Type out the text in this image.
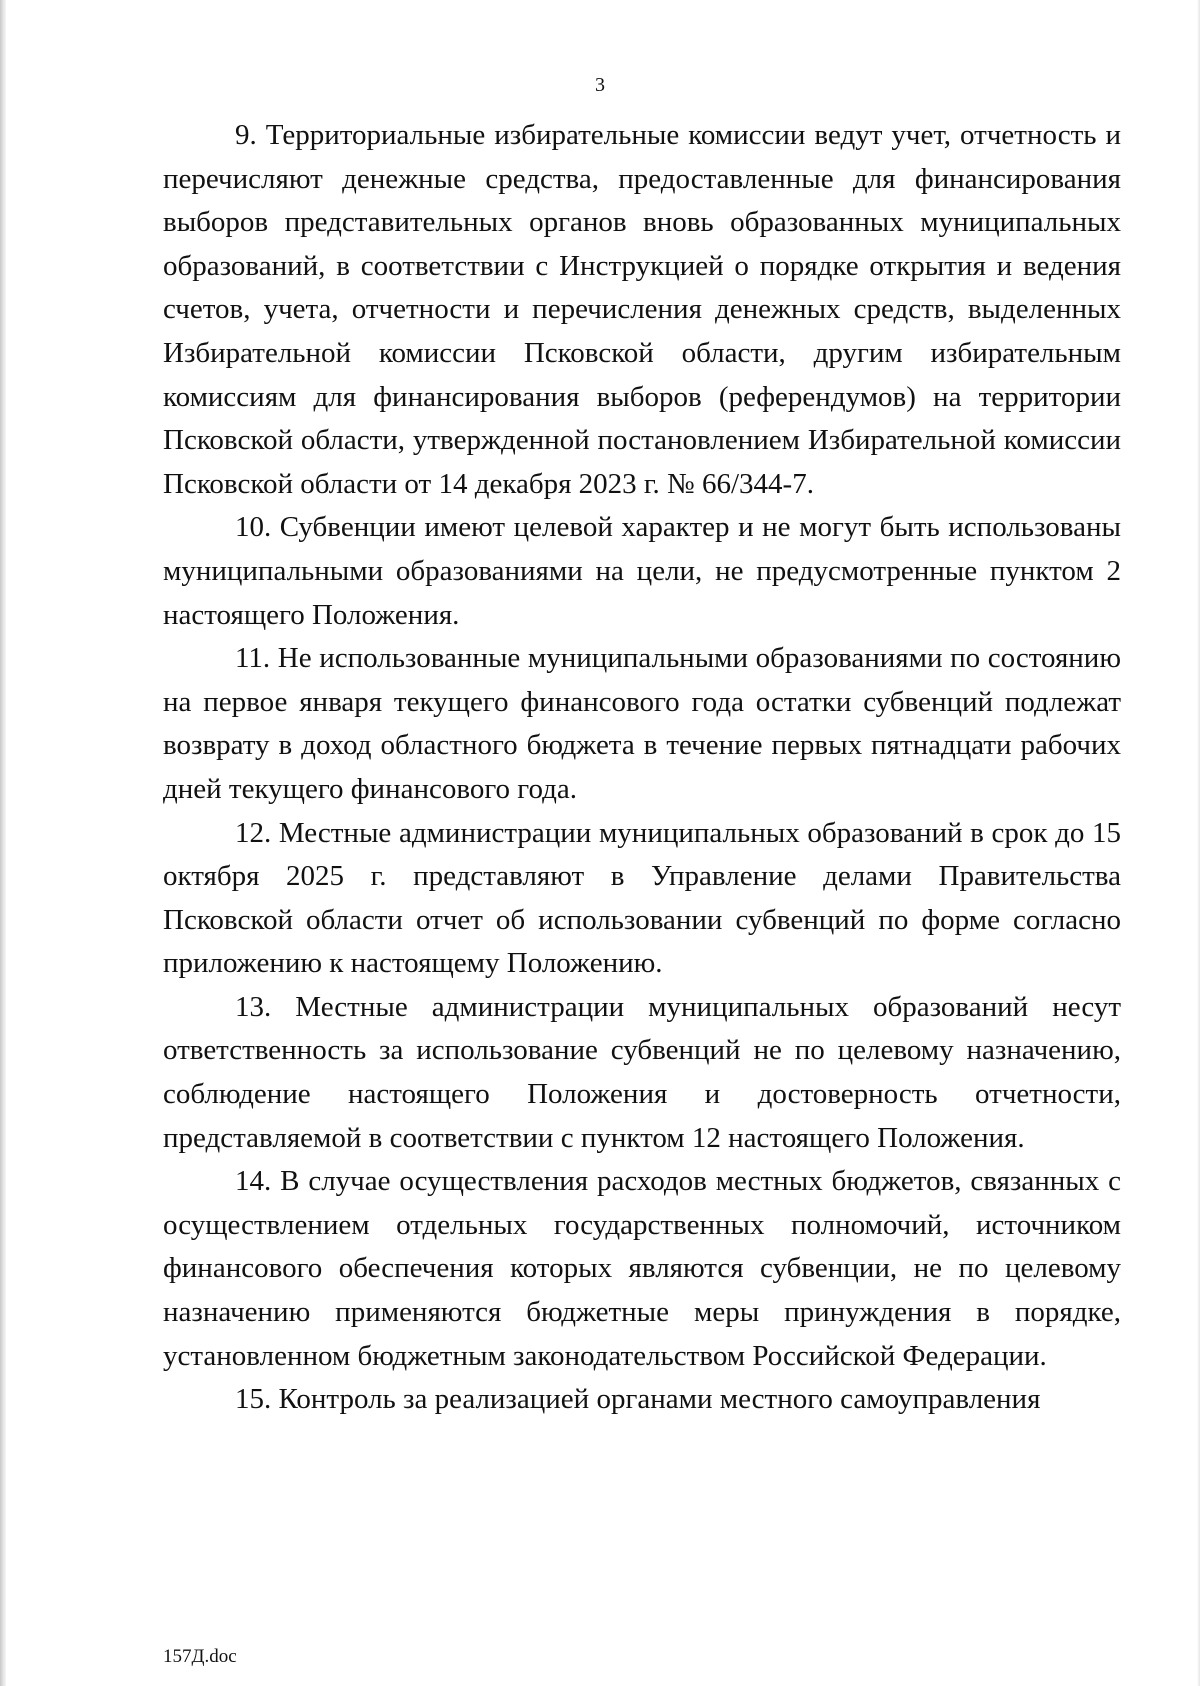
3

9. Территориальные избирательные комиссии ведут учет, отчетность и перечисляют денежные средства, предоставленные для финансирования выборов представительных органов вновь образованных муниципальных образований, в соответствии с Инструкцией о порядке открытия и ведения счетов, учета, отчетности и перечисления денежных средств, выделенных Избирательной комиссии Псковской области, другим избирательным комиссиям для финансирования выборов (референдумов) на территории Псковской области, утвержденной постановлением Избирательной комиссии Псковской области от 14 декабря 2023 г. № 66/344-7.

10. Субвенции имеют целевой характер и не могут быть использованы муниципальными образованиями на цели, не предусмотренные пунктом 2 настоящего Положения.

11. Не использованные муниципальными образованиями по состоянию на первое января текущего финансового года остатки субвенций подлежат возврату в доход областного бюджета в течение первых пятнадцати рабочих дней текущего финансового года.

12. Местные администрации муниципальных образований в срок до 15 октября 2025 г. представляют в Управление делами Правительства Псковской области отчет об использовании субвенций по форме согласно приложению к настоящему Положению.

13. Местные администрации муниципальных образований несут ответственность за использование субвенций не по целевому назначению, соблюдение настоящего Положения и достоверность отчетности, представляемой в соответствии с пунктом 12 настоящего Положения.

14. В случае осуществления расходов местных бюджетов, связанных с осуществлением отдельных государственных полномочий, источником финансового обеспечения которых являются субвенции, не по целевому назначению применяются бюджетные меры принуждения в порядке, установленном бюджетным законодательством Российской Федерации.

15. Контроль за реализацией органами местного самоуправления

157Д.doc
